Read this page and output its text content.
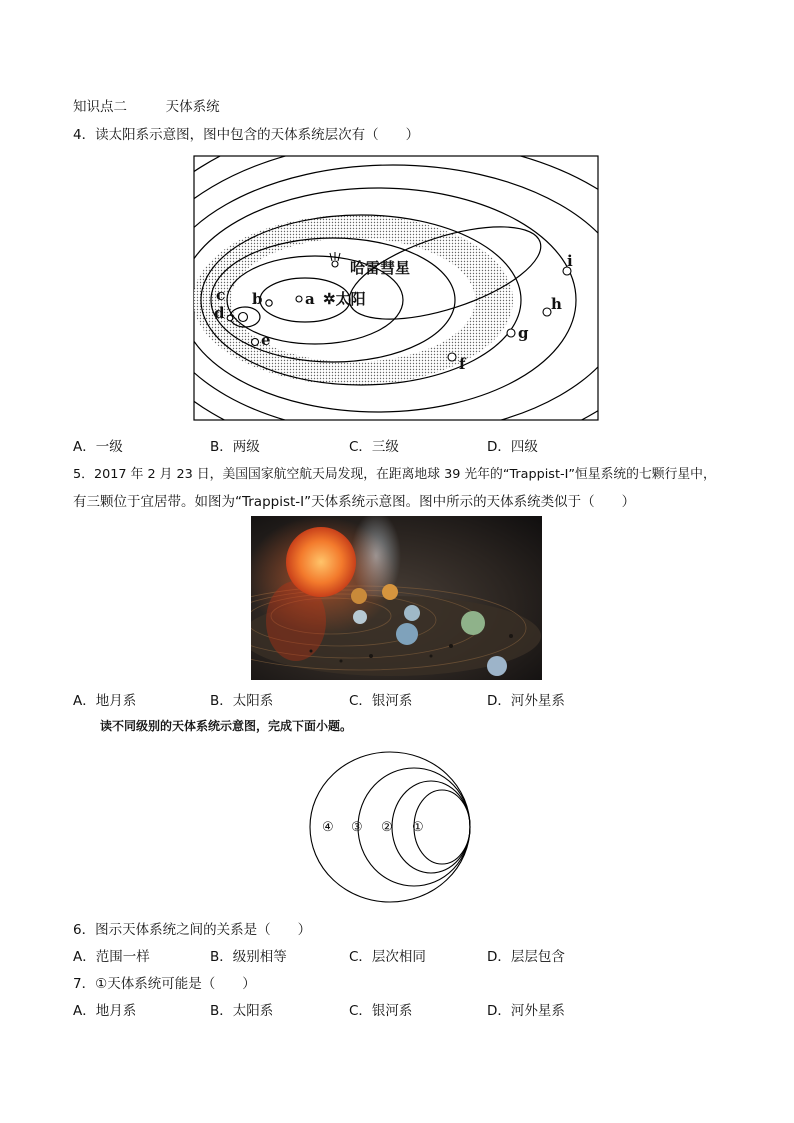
知识点二	天体系统
4．读太阳系示意图，图中包含的天体系统层次有（　　）
a
b
c
d
e
f
g
h
i
哈雷彗星
✲太阳
A．一级	B．两级	C．三级	D．四级
5．2017 年 2 月 23 日，美国国家航空航天局发现，在距离地球 39 光年的“Trappist-I”恒星系统的七颗行星中，
有三颗位于宜居带。如图为“Trappist-I”天体系统示意图。图中所示的天体系统类似于（　　）
A．地月系	B．太阳系	C．银河系	D．河外星系
读不同级别的天体系统示意图，完成下面小题。
④ ③ ② ①
6．图示天体系统之间的关系是（　　）
A．范围一样	B．级别相等	C．层次相同	D．层层包含
7．①天体系统可能是（　　）
A．地月系	B．太阳系	C．银河系	D．河外星系
